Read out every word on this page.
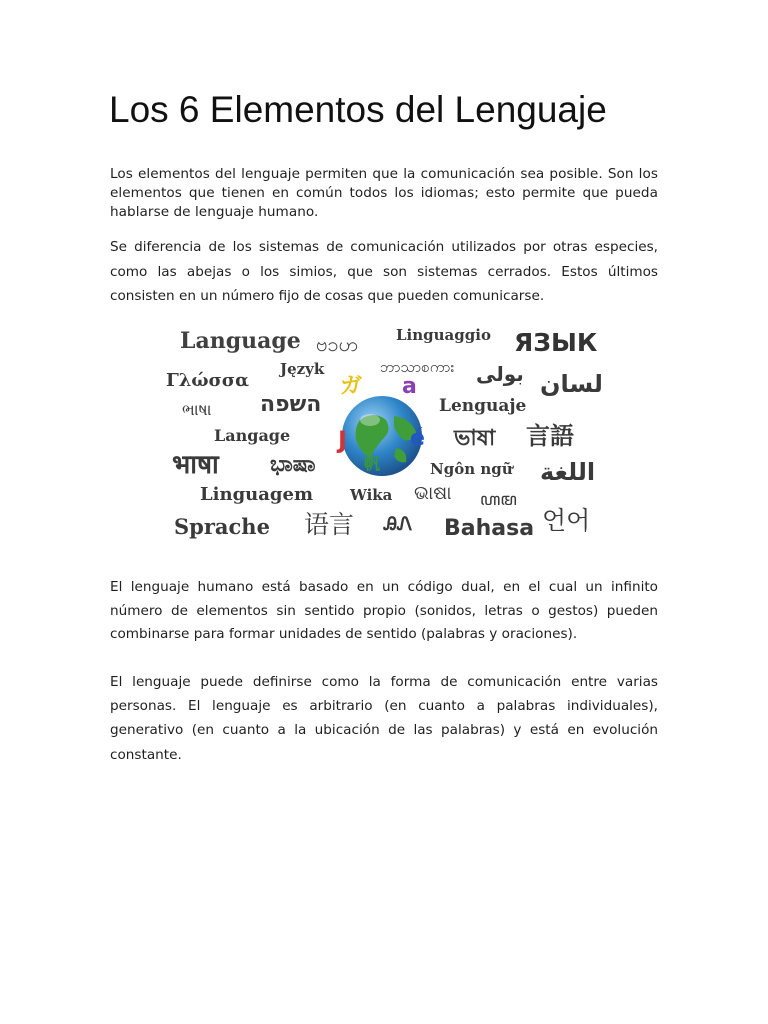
Los 6 Elementos del Lenguaje

Los elementos del lenguaje permiten que la comunicación sea posible. Son los elementos que tienen en común todos los idiomas; esto permite que pueda hablarse de lenguaje humano.

Se diferencia de los sistemas de comunicación utilizados por otras especies, como las abejas o los simios, que son sistemas cerrados. Estos últimos consisten en un número fijo de cosas que pueden comunicarse.

Language ဗ၁ဟ	Linguaggio ЯЗЫК
Γλώσσα
Język	ဘာသာစကား بولی لسان
ભાષા השפה	Lenguaje
Langage	ভাষা 言語
भाषा ಭಾಷಾ	Ngôn ngữ اللغة
Linguagem Wika ଭାଷା ꦲꦩ
Sprache 语言 ᎯᏁ Bahasa 언어
ガ a
J	é
帆

El lenguaje humano está basado en un código dual, en el cual un infinito número de elementos sin sentido propio (sonidos, letras o gestos) pueden combinarse para formar unidades de sentido (palabras y oraciones).

El lenguaje puede definirse como la forma de comunicación entre varias personas. El lenguaje es arbitrario (en cuanto a palabras individuales), generativo (en cuanto a la ubicación de las palabras) y está en evolución constante.
